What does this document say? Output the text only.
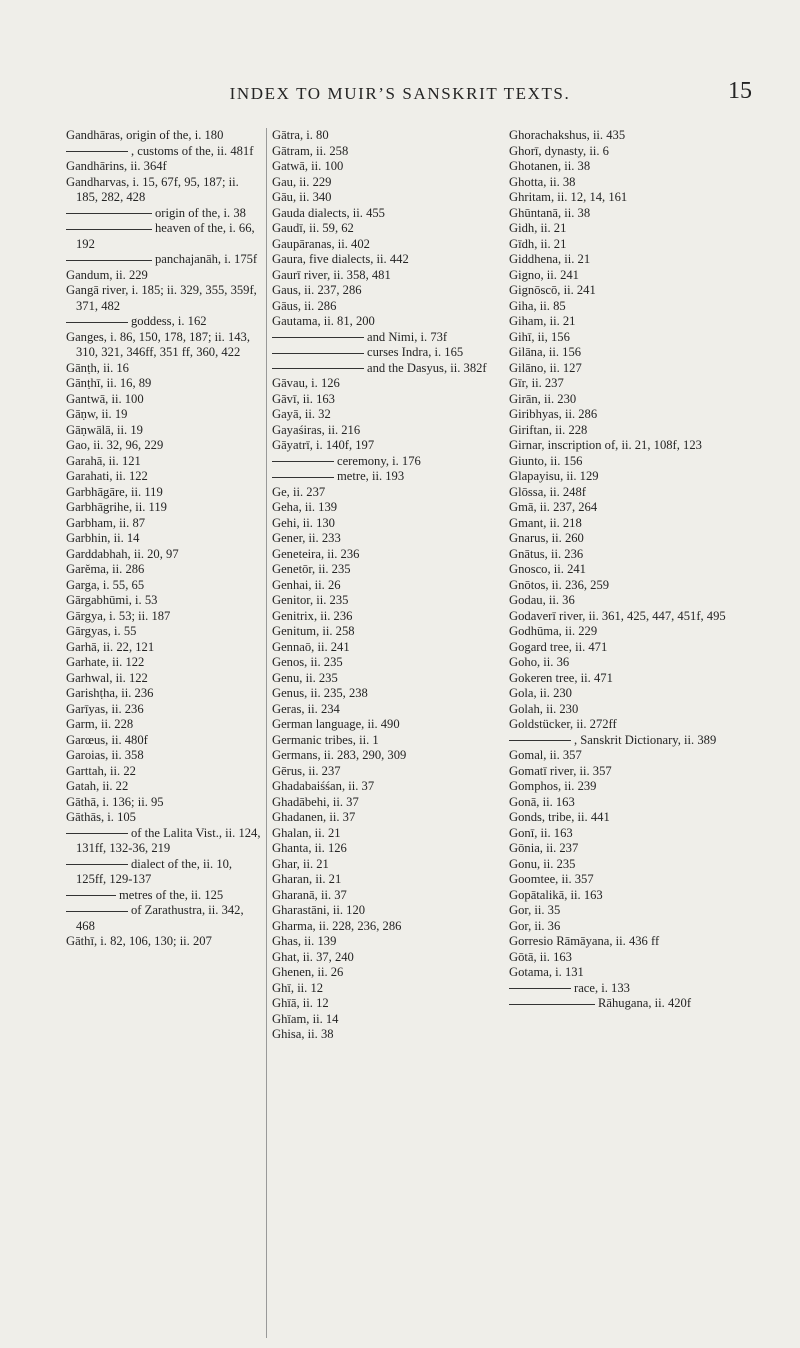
INDEX TO MUIR’S SANSKRIT TEXTS.	15
Gandhāras, origin of the, i. 180
, customs of the, ii. 481f
Gandhārins, ii. 364f
Gandharvas, i. 15, 67f, 95, 187; ii. 185, 282, 428
origin of the, i. 38
heaven of the, i. 66, 192
panchajanāh, i. 175f
Gandum, ii. 229
Gangā river, i. 185; ii. 329, 355, 359f, 371, 482
goddess, i. 162
Ganges, i. 86, 150, 178, 187; ii. 143, 310, 321, 346ff, 351 ff, 360, 422
Gānṭh, ii. 16
Gānṭhī, ii. 16, 89
Gantwā, ii. 100
Gāṇw, ii. 19
Gāṇwālā, ii. 19
Gao, ii. 32, 96, 229
Garahā, ii. 121
Garahati, ii. 122
Garbhāgāre, ii. 119
Garbhāgrihe, ii. 119
Garbham, ii. 87
Garbhin, ii. 14
Garddabhah, ii. 20, 97
Garĕma, ii. 286
Garga, i. 55, 65
Gārgabhūmi, i. 53
Gārgya, i. 53; ii. 187
Gārgyas, i. 55
Garhā, ii. 22, 121
Garhate, ii. 122
Garhwal, ii. 122
Garishṭha, ii. 236
Garīyas, ii. 236
Garm, ii. 228
Garœus, ii. 480f
Garoias, ii. 358
Garttah, ii. 22
Gatah, ii. 22
Gāthā, i. 136; ii. 95
Gāthās, i. 105
of the Lalita Vist., ii. 124, 131ff, 132-36, 219
dialect of the, ii. 10, 125ff, 129-137
metres of the, ii. 125
of Zarathustra, ii. 342, 468
Gāthī, i. 82, 106, 130; ii. 207
Gātra, i. 80
Gātram, ii. 258
Gatwā, ii. 100
Gau, ii. 229
Gāu, ii. 340
Gauda dialects, ii. 455
Gaudī, ii. 59, 62
Gaupāranas, ii. 402
Gaura, five dialects, ii. 442
Gaurī river, ii. 358, 481
Gaus, ii. 237, 286
Gāus, ii. 286
Gautama, ii. 81, 200
and Nimi, i. 73f
curses Indra, i. 165
and the Dasyus, ii. 382f
Gāvau, i. 126
Gāvī, ii. 163
Gayā, ii. 32
Gayaśiras, ii. 216
Gāyatrī, i. 140f, 197
ceremony, i. 176
metre, ii. 193
Ge, ii. 237
Geha, ii. 139
Gehi, ii. 130
Gener, ii. 233
Geneteira, ii. 236
Genetōr, ii. 235
Genhai, ii. 26
Genitor, ii. 235
Genitrix, ii. 236
Genitum, ii. 258
Gennaō, ii. 241
Genos, ii. 235
Genu, ii. 235
Genus, ii. 235, 238
Geras, ii. 234
German language, ii. 490
Germanic tribes, ii. 1
Germans, ii. 283, 290, 309
Gērus, ii. 237
Ghadabaiśśan, ii. 37
Ghadābehi, ii. 37
Ghadanen, ii. 37
Ghalan, ii. 21
Ghanta, ii. 126
Ghar, ii. 21
Gharan, ii. 21
Gharanā, ii. 37
Gharastāni, ii. 120
Gharma, ii. 228, 236, 286
Ghas, ii. 139
Ghat, ii. 37, 240
Ghenen, ii. 26
Ghī, ii. 12
Ghīā, ii. 12
Ghīam, ii. 14
Ghisa, ii. 38
Ghorachakshus, ii. 435
Ghorī, dynasty, ii. 6
Ghotanen, ii. 38
Ghotta, ii. 38
Ghritam, ii. 12, 14, 161
Ghūntanā, ii. 38
Gidh, ii. 21
Gīdh, ii. 21
Giddhena, ii. 21
Gigno, ii. 241
Gignōscō, ii. 241
Giha, ii. 85
Giham, ii. 21
Gihī, ii, 156
Gilāna, ii. 156
Gilāno, ii. 127
Gīr, ii. 237
Girān, ii. 230
Giribhyas, ii. 286
Giriftan, ii. 228
Girnar, inscription of, ii. 21, 108f, 123
Giunto, ii. 156
Glapayisu, ii. 129
Glōssa, ii. 248f
Gmā, ii. 237, 264
Gmant, ii. 218
Gnarus, ii. 260
Gnātus, ii. 236
Gnosco, ii. 241
Gnōtos, ii. 236, 259
Godau, ii. 36
Godaverī river, ii. 361, 425, 447, 451f, 495
Godhūma, ii. 229
Gogard tree, ii. 471
Goho, ii. 36
Gokeren tree, ii. 471
Gola, ii. 230
Golah, ii. 230
Goldstücker, ii. 272ff
, Sanskrit Dictionary, ii. 389
Gomal, ii. 357
Gomatī river, ii. 357
Gomphos, ii. 239
Gonā, ii. 163
Gonds, tribe, ii. 441
Gonī, ii. 163
Gōnia, ii. 237
Gonu, ii. 235
Goomtee, ii. 357
Gopātalikā, ii. 163
Gor, ii. 35
Gor, ii. 36
Gorresio Rāmāyana, ii. 436 ff
Gōtā, ii. 163
Gotama, i. 131
race, i. 133
Rāhugana, ii. 420f
